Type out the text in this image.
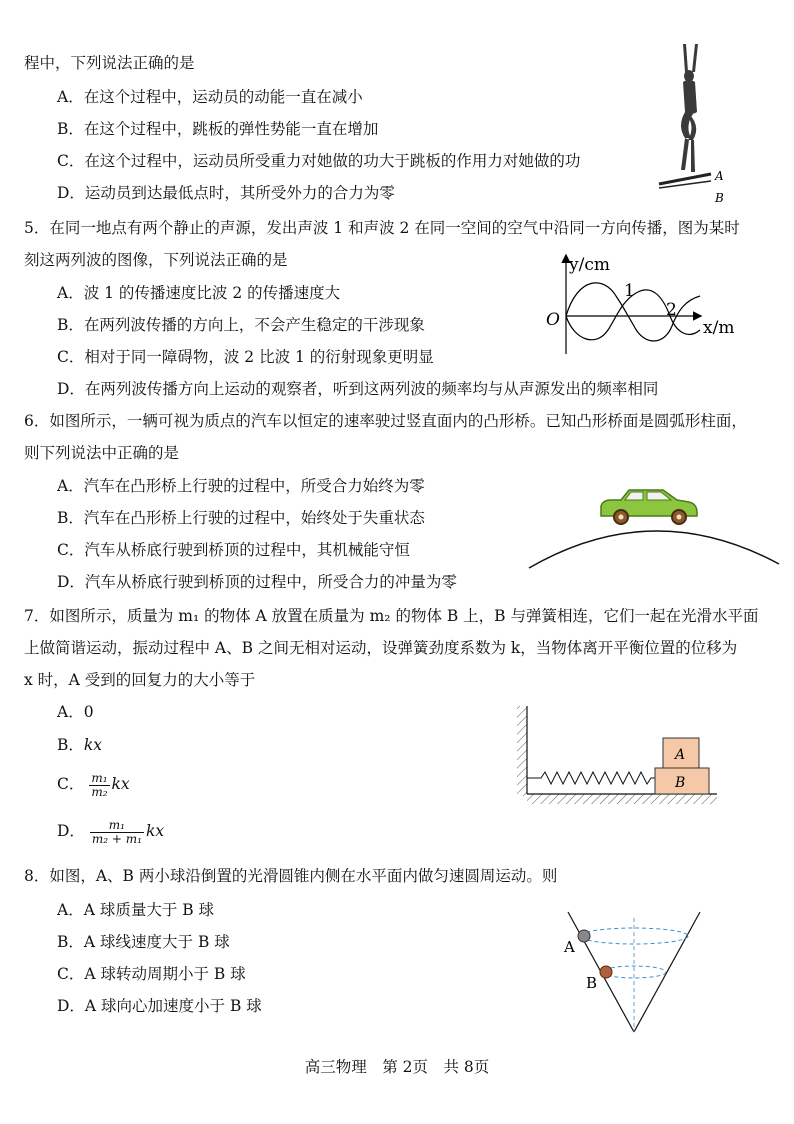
程中，下列说法正确的是
A．在这个过程中，运动员的动能一直在减小
B．在这个过程中，跳板的弹性势能一直在增加
C．在这个过程中，运动员所受重力对她做的功大于跳板的作用力对她做的功
D．运动员到达最低点时，其所受外力的合力为零
A
B
5．在同一地点有两个静止的声源，发出声波 1 和声波 2 在同一空间的空气中沿同一方向传播，图为某时
刻这两列波的图像，下列说法正确的是
A．波 1 的传播速度比波 2 的传播速度大
B．在两列波传播的方向上，不会产生稳定的干涉现象
C．相对于同一障碍物，波 2 比波 1 的衍射现象更明显
D．在两列波传播方向上运动的观察者，听到这两列波的频率均与从声源发出的频率相同
y/cm
O
1
2
x/m
6．如图所示，一辆可视为质点的汽车以恒定的速率驶过竖直面内的凸形桥。已知凸形桥面是圆弧形柱面，
则下列说法中正确的是
A．汽车在凸形桥上行驶的过程中，所受合力始终为零
B．汽车在凸形桥上行驶的过程中，始终处于失重状态
C．汽车从桥底行驶到桥顶的过程中，其机械能守恒
D．汽车从桥底行驶到桥顶的过程中，所受合力的冲量为零
7．如图所示，质量为 m₁ 的物体 A 放置在质量为 m₂ 的物体 B 上，B 与弹簧相连，它们一起在光滑水平面
上做简谐运动，振动过程中 A、B 之间无相对运动，设弹簧劲度系数为 k，当物体离开平衡位置的位移为
x 时，A 受到的回复力的大小等于
A．0
B．kx
C． $\frac{\text{m₁}}{\text{m₂}}$ kx
D． $\frac{\text{m₁}}{\text{m₂ + m₁}}$ kx
A
B
8．如图，A、B 两小球沿倒置的光滑圆锥内侧在水平面内做匀速圆周运动。则
A．A 球质量大于 B 球
B．A 球线速度大于 B 球
C．A 球转动周期小于 B 球
D．A 球向心加速度小于 B 球
A
B
高三物理　第 2页　共 8页
